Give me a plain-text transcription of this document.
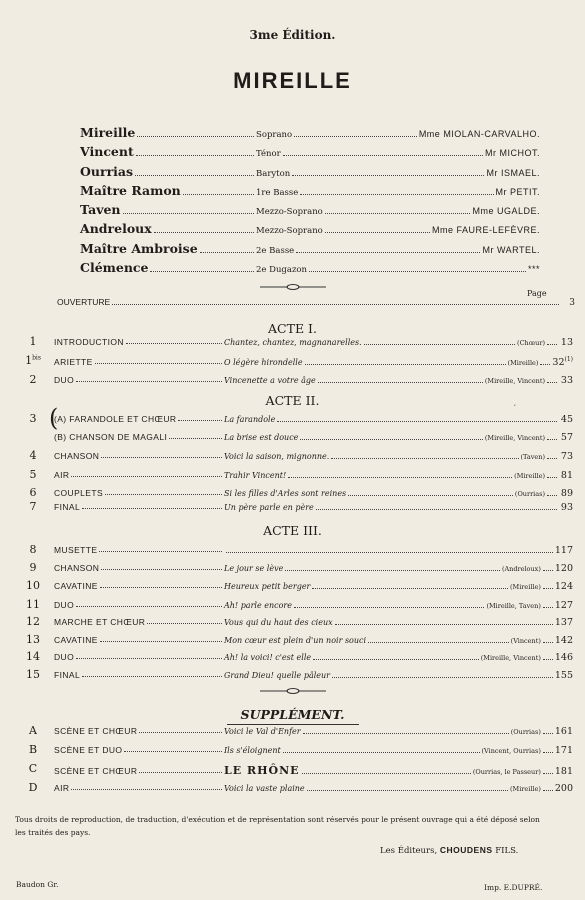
3me Édition.
MIREILLE
Mireille	Soprano	Mme MIOLAN-CARVALHO.
Vincent	Ténor	Mr MICHOT.
Ourrias	Baryton	Mr ISMAEL.
Maître Ramon	1re Basse	Mr PETIT.
Taven	Mezzo-Soprano	Mme UGALDE.
Andreloux	Mezzo-Soprano	Mme FAURE-LEFÈVRE.
Maître Ambroise	2e Basse	Mr WARTEL.
Clémence	2e Dugazon	***
Page
OUVERTURE	3
ACTE I.
1	INTRODUCTION	Chantez, chantez, magnanarelles.	(Chœur) 13
$1^{bis}$	ARIETTE	O légère hirondelle	(Mireille) 32$^{(1)}$
2	DUO	Vincenette a votre âge	(Mireille, Vincent) 33
ACTE II.	,
(
3	(A) FARANDOLE ET CHŒUR	La farandole	45
(B) CHANSON DE MAGALI	La brise est douce	(Mireille, Vincent) 57
4	CHANSON	Voici la saison, mignonne.	(Taven) 73
5	AIR	Trahir Vincent!	(Mireille) 81
6	COUPLETS	Si les filles d'Arles sont reines	(Ourrias) 89
7	FINAL	Un père parle en père	93
ACTE III.
8	MUSETTE	117
9	CHANSON	Le jour se lève	(Andreloux) 120
10	CAVATINE	Heureux petit berger	(Mireille) 124
11	DUO	Ah! parle encore	(Mireille, Taven) 127
12	MARCHE ET CHŒUR	Vous qui du haut des cieux	137
13	CAVATINE	Mon cœur est plein d'un noir souci	(Vincent) 142
14	DUO	Ah! la voici! c'est elle	(Mireille, Vincent) 146
15	FINAL	Grand Dieu! quelle pâleur	155
SUPPLÉMENT.
A	SCÈNE ET CHŒUR	Voici le Val d'Enfer	(Ourrias) 161
B	SCÈNE ET DUO	Ils s'éloignent	(Vincent, Ourrias) 171
C	SCÈNE ET CHŒUR	LE RHÔNE	(Ourrias, le Passeur) 181
D	AIR	Voici la vaste plaine	(Mireille) 200
Tous droits de reproduction, de traduction, d'exécution et de représentation sont réservés pour le présent ouvrage qui a été déposé selon les traités des pays.
Les Éditeurs, CHOUDENS FILS.
Baudon Gr.	Imp. E.DUPRÉ.
